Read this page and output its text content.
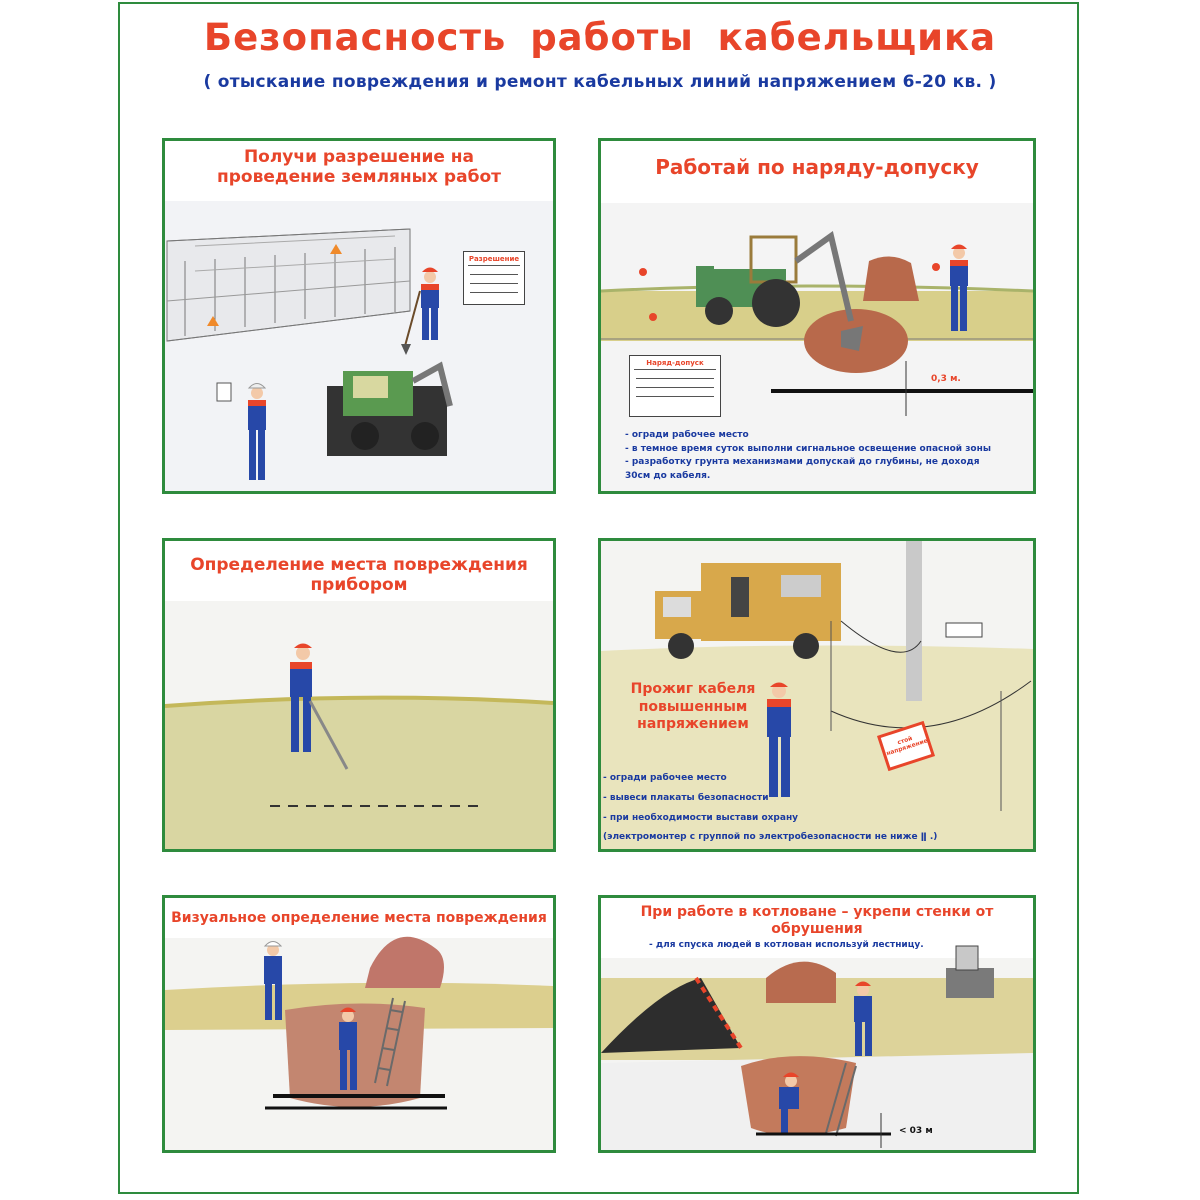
Безопасность работы кабельщика

( отыскание повреждения и ремонт кабельных линий напряжением 6-20 кв. )

Получи разрешение на
проведение земляных работ

Разрешение

Работай по наряду-допуску

Наряд-допуск
0,3 м.
- огради рабочее место
- в темное время суток выполни сигнальное освещение опасной зоны
- разработку грунта механизмами допускай до глубины, не доходя
30см до кабеля.

Определение места повреждения
прибором

Прожиг кабеля
повышенным
напряжением
стой напряжение
- огради рабочее место
- вывеси плакаты безопасности
- при необходимости выстави охрану
(электромонтер с группой по электробезопасности не ниже ǁ .)

Визуальное определение места повреждения	При работе в котловане – укрепи стенки от
обрушения

- для спуска людей в котлован используй лестницу.
< 03 м
